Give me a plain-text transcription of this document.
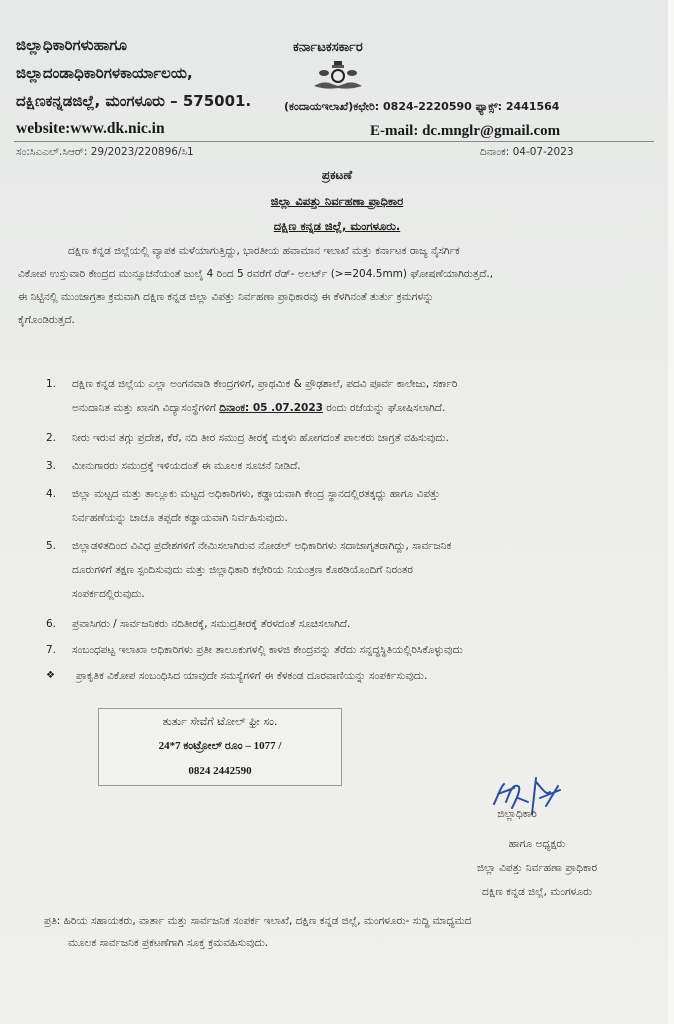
ಜಿಲ್ಲಾಧಿಕಾರಿಗಳುಹಾಗೂ
ಜಿಲ್ಲಾದಂಡಾಧಿಕಾರಿಗಳಕಾರ್ಯಾಲಯ,
ದಕ್ಷಿಣಕನ್ನಡಜಿಲ್ಲೆ, ಮಂಗಳೂರು – 575001.
website:www.dk.nic.in
ಕರ್ನಾಟಕಸರ್ಕಾರ
(ಕಂದಾಯಇಲಾಖೆ)ಕಛೇರಿ: 0824-2220590 ಫ್ಯಾಕ್ಸ್: 2441564
E-mail: dc.mnglr@gmail.com
ಸಂ:ಸಿಎಎಲ್.ಸಿಆರ್: 29/2023/220896/ಸಿ1	ದಿನಾಂಕ: 04-07-2023
ಪ್ರಕಟಣೆ
ಜಿಲ್ಲಾ ವಿಪತ್ತು ನಿರ್ವಹಣಾ ಪ್ರಾಧಿಕಾರ
ದಕ್ಷಿಣ ಕನ್ನಡ ಜಿಲ್ಲೆ, ಮಂಗಳೂರು.
ದಕ್ಷಿಣ ಕನ್ನಡ ಜಿಲ್ಲೆಯಲ್ಲಿ ವ್ಯಾಪಕ ಮಳೆಯಾಗುತ್ತಿದ್ದು, ಭಾರತೀಯ ಹವಾಮಾನ ಇಲಾಖೆ ಮತ್ತು ಕರ್ನಾಟಕ ರಾಜ್ಯ ನೈಸರ್ಗಿಕ
ವಿಕೋಪ ಉಸ್ತುವಾರಿ ಕೇಂದ್ರದ ಮುನ್ಸೂಚನೆಯಂತೆ ಜುಲೈ 4 ರಿಂದ 5 ರವರೆಗೆ ರೆಡ್- ಅಲರ್ಟ್ (>=204.5mm) ಘೋಷಣೆಯಾಗಿರುತ್ತದೆ.,
ಈ ನಿಟ್ಟಿನಲ್ಲಿ ಮುಂಜಾಗ್ರತಾ ಕ್ರಮವಾಗಿ ದಕ್ಷಿಣ ಕನ್ನಡ ಜಿಲ್ಲಾ ವಿಪತ್ತು ನಿರ್ವಹಣಾ ಪ್ರಾಧಿಕಾರವು ಈ ಕೆಳಗಿನಂತೆ ತುರ್ತು ಕ್ರಮಗಳನ್ನು
ಕೈಗೊಂಡಿರುತ್ತದೆ.
1.	ದಕ್ಷಿಣ ಕನ್ನಡ ಜಿಲ್ಲೆಯ ಎಲ್ಲಾ ಅಂಗನವಾಡಿ ಕೇಂದ್ರಗಳಿಗೆ, ಪ್ರಾಥಮಿಕ & ಪ್ರೌಢಶಾಲೆ, ಪದವಿ ಪೂರ್ವ ಕಾಲೇಜು, ಸರ್ಕಾರಿ
ಅನುದಾನಿತ ಮತ್ತು ಖಾಸಗಿ ವಿದ್ಯಾಸಂಸ್ಥೆಗಳಿಗೆ ದಿನಾಂಕ: 05 .07.2023 ರಂದು ರಜೆಯನ್ನು ಘೋಷಿಸಲಾಗಿದೆ.
2.	ನೀರು ಇರುವ ತಗ್ಗು ಪ್ರದೇಶ, ಕೆರೆ, ನದಿ ತೀರ ಸಮುದ್ರ ತೀರಕ್ಕೆ ಮಕ್ಕಳು ಹೋಗದಂತೆ ಪಾಲಕರು ಜಾಗ್ರತೆ ವಹಿಸುವುದು.
3.	ಮೀನುಗಾರರು ಸಮುದ್ರಕ್ಕೆ ಇಳಿಯದಂತೆ ಈ ಮೂಲಕ ಸೂಚನೆ ನೀಡಿದೆ.
4.	ಜಿಲ್ಲಾ ಮಟ್ಟದ ಮತ್ತು ತಾಲ್ಲೂಕು ಮಟ್ಟದ ಅಧಿಕಾರಿಗಳು, ಕಡ್ಡಾಯವಾಗಿ ಕೇಂದ್ರ ಸ್ಥಾನದಲ್ಲಿರತಕ್ಕದ್ದು ಹಾಗೂ ವಿಪತ್ತು
ನಿರ್ವಹಣೆಯನ್ನು ಚಾಚೂ ತಪ್ಪದೇ ಕಡ್ಡಾಯವಾಗಿ ನಿರ್ವಹಿಸುವುದು.
5.	ಜಿಲ್ಲಾಡಳಿತದಿಂದ ವಿವಿಧ ಪ್ರದೇಶಗಳಿಗೆ ನೇಮಿಸಲಾಗಿರುವ ನೋಡಲ್ ಅಧಿಕಾರಿಗಳು ಸದಾಜಾಗೃತರಾಗಿದ್ದು, ಸಾರ್ವಜನಿಕ
ದೂರುಗಳಿಗೆ ತಕ್ಷಣ ಸ್ಪಂದಿಸುವುದು ಮತ್ತು ಜಿಲ್ಲಾಧಿಕಾರಿ ಕಛೇರಿಯ ನಿಯಂತ್ರಣ ಕೊಠಡಿಯೊಂದಿಗೆ ನಿರಂತರ
ಸಂಪರ್ಕದಲ್ಲಿರುವುದು.
6.	ಪ್ರವಾಸಿಗರು / ಸಾರ್ವಜನಿಕರು ನದಿತೀರಕ್ಕೆ, ಸಮುದ್ರತೀರಕ್ಕೆ ತೆರಳದಂತೆ ಸೂಚಿಸಲಾಗಿದೆ.
7.	ಸಂಬಂಧಪಟ್ಟ ಇಲಾಖಾ ಅಧಿಕಾರಿಗಳು ಪ್ರತೀ ತಾಲೂಕುಗಳಲ್ಲಿ ಕಾಳಜಿ ಕೇಂದ್ರವನ್ನು ತೆರೆದು ಸನ್ನದ್ಧಸ್ಥಿತಿಯಲ್ಲಿರಿಸಿಕೊಳ್ಳುವುದು
❖	ಪ್ರಾಕೃತಿಕ ವಿಕೋಪ ಸಂಬಂಧಿಸಿದ ಯಾವುದೇ ಸಮಸ್ಯೆಗಳಿಗೆ ಈ ಕೆಳಕಂಡ ದೂರವಾಣಿಯನ್ನು ಸಂಪರ್ಕಿಸುವುದು.
ತುರ್ತು ಸೇವೆಗೆ ಟೋಲ್ ಫ್ರೀ ಸಂ.
24*7 ಕಂಟ್ರೋಲ್ ರೂಂ – 1077 /
0824 2442590
ಜಿಲ್ಲಾಧಿಕಾರಿ
ಹಾಗೂ ಅಧ್ಯಕ್ಷರು
ಜಿಲ್ಲಾ ವಿಪತ್ತು ನಿರ್ವಹಣಾ ಪ್ರಾಧಿಕಾರ
ದಕ್ಷಿಣ ಕನ್ನಡ ಜಿಲ್ಲೆ, ಮಂಗಳೂರು
ಪ್ರತಿ: ಹಿರಿಯ ಸಹಾಯಕರು, ವಾರ್ತಾ ಮತ್ತು ಸಾರ್ವಜನಿಕ ಸಂಪರ್ಕ ಇಲಾಖೆ, ದಕ್ಷಿಣ ಕನ್ನಡ ಜಿಲ್ಲೆ, ಮಂಗಳೂರು- ಸುದ್ದಿ ಮಾಧ್ಯಮದ
ಮೂಲಕ ಸಾರ್ವಜನಿಕ ಪ್ರಕಟಣೆಗಾಗಿ ಸೂಕ್ತ ಕ್ರಮವಹಿಸುವುದು.
